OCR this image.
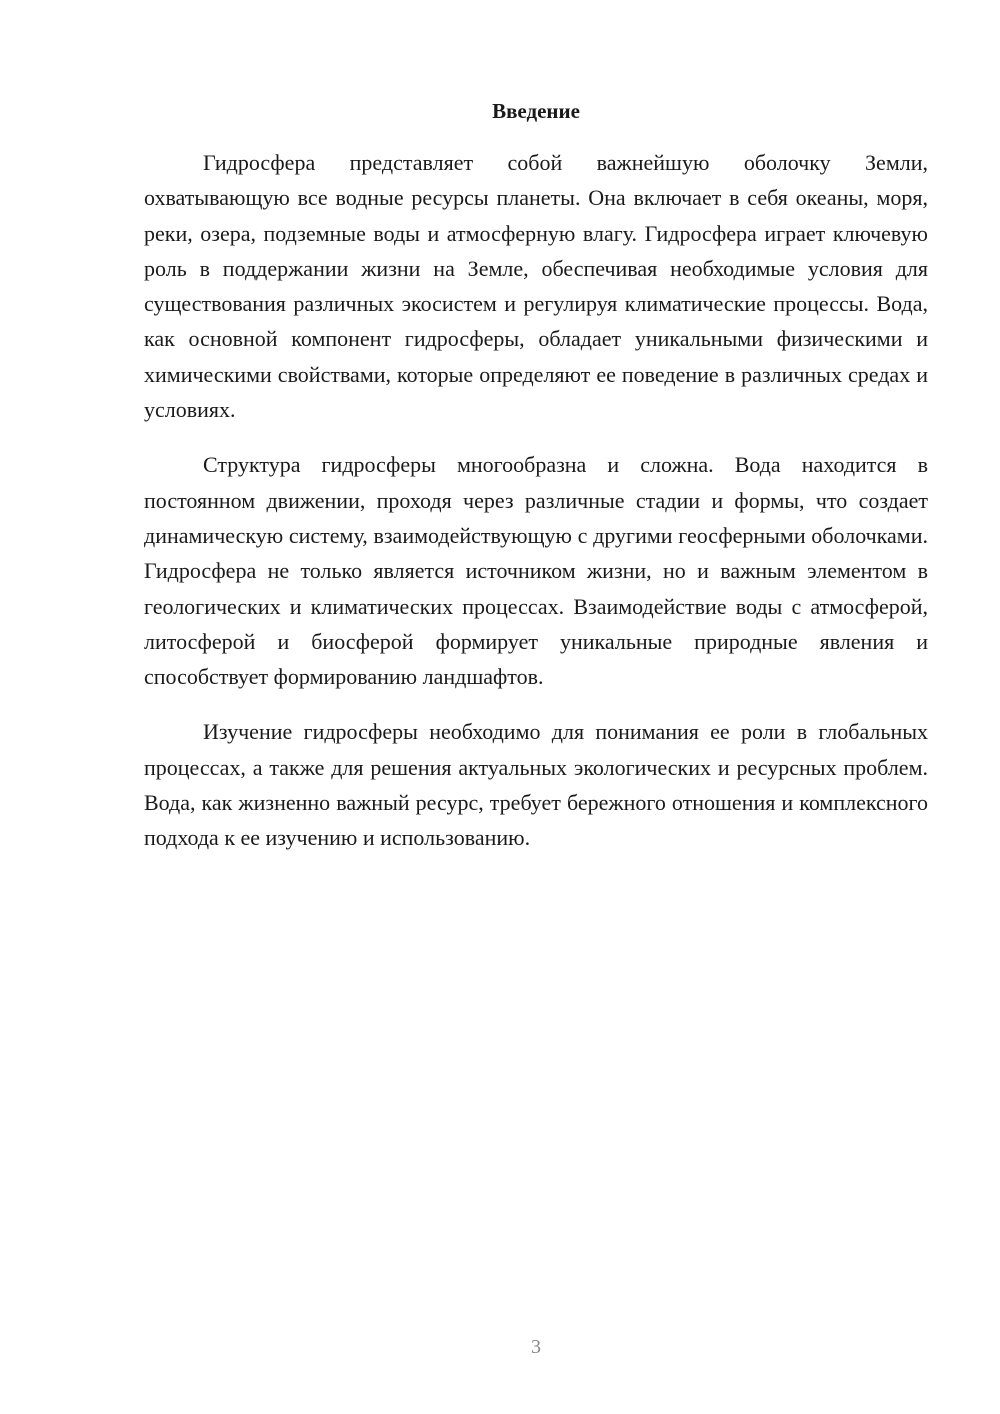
Введение

Гидросфера представляет собой важнейшую оболочку Земли, охватывающую все водные ресурсы планеты. Она включает в себя океаны, моря, реки, озера, подземные воды и атмосферную влагу. Гидросфера играет ключевую роль в поддержании жизни на Земле, обеспечивая необходимые условия для существования различных экосистем и регулируя климатические процессы. Вода, как основной компонент гидросферы, обладает уникальными физическими и химическими свойствами, которые определяют ее поведение в различных средах и условиях.

Структура гидросферы многообразна и сложна. Вода находится в постоянном движении, проходя через различные стадии и формы, что создает динамическую систему, взаимодействующую с другими геосферными оболочками. Гидросфера не только является источником жизни, но и важным элементом в геологических и климатических процессах. Взаимодействие воды с атмосферой, литосферой и биосферой формирует уникальные природные явления и способствует формированию ландшафтов.

Изучение гидросферы необходимо для понимания ее роли в глобальных процессах, а также для решения актуальных экологических и ресурсных проблем. Вода, как жизненно важный ресурс, требует бережного отношения и комплексного подхода к ее изучению и использованию.

3
